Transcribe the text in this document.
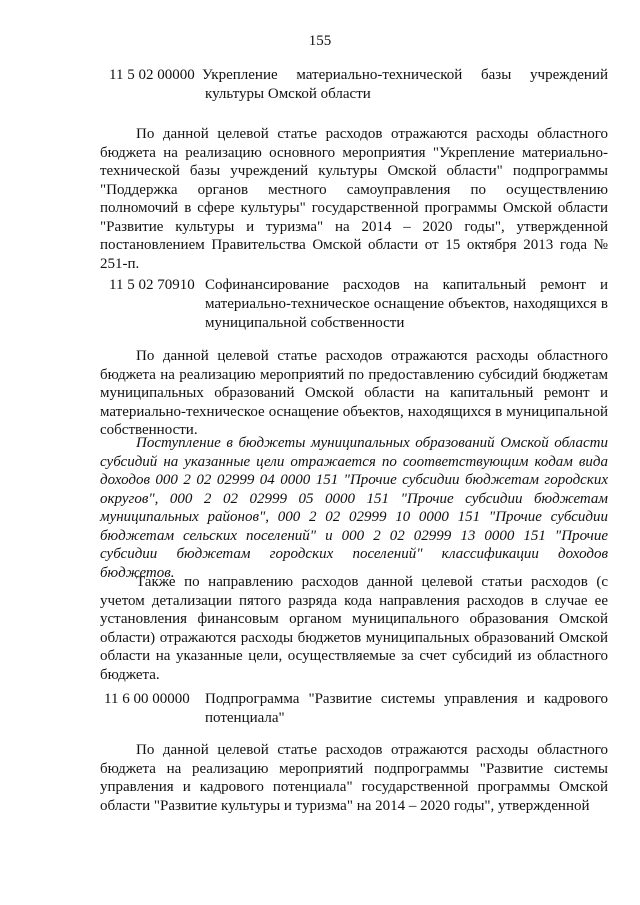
155
11 5 02 00000 Укрепление материально-технической базы учреждений культуры Омской области

По данной целевой статье расходов отражаются расходы областного бюджета на реализацию основного мероприятия "Укрепление материально-технической базы учреждений культуры Омской области" подпрограммы "Поддержка органов местного самоуправления по осуществлению полномочий в сфере культуры" государственной программы Омской области "Развитие культуры и туризма" на 2014 – 2020 годы", утвержденной постановлением Правительства Омской области от 15 октября 2013 года № 251-п.

11 5 02 70910 Софинансирование расходов на капитальный ремонт и материально-техническое оснащение объектов, находящихся в муниципальной собственности

По данной целевой статье расходов отражаются расходы областного бюджета на реализацию мероприятий по предоставлению субсидий бюджетам муниципальных образований Омской области на капитальный ремонт и материально-техническое оснащение объектов, находящихся в муниципальной собственности.

Поступление в бюджеты муниципальных образований Омской области субсидий на указанные цели отражается по соответствующим кодам вида доходов 000 2 02 02999 04 0000 151 "Прочие субсидии бюджетам городских округов", 000 2 02 02999 05 0000 151 "Прочие субсидии бюджетам муниципальных районов", 000 2 02 02999 10 0000 151 "Прочие субсидии бюджетам сельских поселений" и 000 2 02 02999 13 0000 151 "Прочие субсидии бюджетам городских поселений" классификации доходов бюджетов.

Также по направлению расходов данной целевой статьи расходов (с учетом детализации пятого разряда кода направления расходов в случае ее установления финансовым органом муниципального образования Омской области) отражаются расходы бюджетов муниципальных образований Омской области на указанные цели, осуществляемые за счет субсидий из областного бюджета.

11 6 00 00000 Подпрограмма "Развитие системы управления и кадрового потенциала"

По данной целевой статье расходов отражаются расходы областного бюджета на реализацию мероприятий подпрограммы "Развитие системы управления и кадрового потенциала" государственной программы Омской области "Развитие культуры и туризма" на 2014 – 2020 годы", утвержденной
